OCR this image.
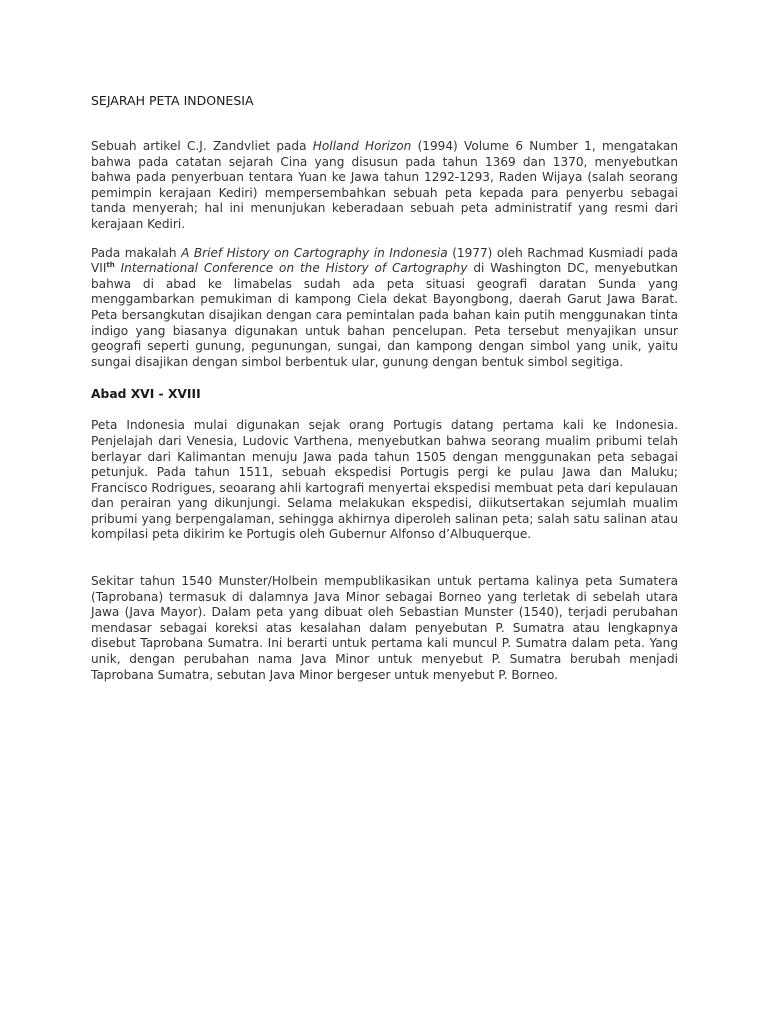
SEJARAH PETA INDONESIA

Sebuah artikel C.J. Zandvliet pada Holland Horizon (1994) Volume 6 Number 1, mengatakan bahwa pada catatan sejarah Cina yang disusun pada tahun 1369 dan 1370, menyebutkan bahwa pada penyerbuan tentara Yuan ke Jawa tahun 1292-1293, Raden Wijaya (salah seorang pemimpin kerajaan Kediri) mempersembahkan sebuah peta kepada para penyerbu sebagai tanda menyerah; hal ini menunjukan keberadaan sebuah peta administratif yang resmi dari kerajaan Kediri.

Pada makalah A Brief History on Cartography in Indonesia (1977) oleh Rachmad Kusmiadi pada VIIth International Conference on the History of Cartography di Washington DC, menyebutkan bahwa di abad ke limabelas sudah ada peta situasi geografi daratan Sunda yang menggambarkan pemukiman di kampong Ciela dekat Bayongbong, daerah Garut Jawa Barat. Peta bersangkutan disajikan dengan cara pemintalan pada bahan kain putih menggunakan tinta indigo yang biasanya digunakan untuk bahan pencelupan. Peta tersebut menyajikan unsur geografi seperti gunung, pegunungan, sungai, dan kampong dengan simbol yang unik, yaitu sungai disajikan dengan simbol berbentuk ular, gunung dengan bentuk simbol segitiga.

Abad XVI - XVIII

Peta Indonesia mulai digunakan sejak orang Portugis datang pertama kali ke Indonesia. Penjelajah dari Venesia, Ludovic Varthena, menyebutkan bahwa seorang mualim pribumi telah berlayar dari Kalimantan menuju Jawa pada tahun 1505 dengan menggunakan peta sebagai petunjuk. Pada tahun 1511, sebuah ekspedisi Portugis pergi ke pulau Jawa dan Maluku; Francisco Rodrigues, seoarang ahli kartografi menyertai ekspedisi membuat peta dari kepulauan dan perairan yang dikunjungi. Selama melakukan ekspedisi, diikutsertakan sejumlah mualim pribumi yang berpengalaman, sehingga akhirnya diperoleh salinan peta; salah satu salinan atau kompilasi peta dikirim ke Portugis oleh Gubernur Alfonso d’Albuquerque.

Sekitar tahun 1540 Munster/Holbein mempublikasikan untuk pertama kalinya peta Sumatera (Taprobana) termasuk di dalamnya Java Minor sebagai Borneo yang terletak di sebelah utara Jawa (Java Mayor). Dalam peta yang dibuat oleh Sebastian Munster (1540), terjadi perubahan mendasar sebagai koreksi atas kesalahan dalam penyebutan P. Sumatra atau lengkapnya disebut Taprobana Sumatra. Ini berarti untuk pertama kali muncul P. Sumatra dalam peta. Yang unik, dengan perubahan nama Java Minor untuk menyebut P. Sumatra berubah menjadi Taprobana Sumatra, sebutan Java Minor bergeser untuk menyebut P. Borneo.
